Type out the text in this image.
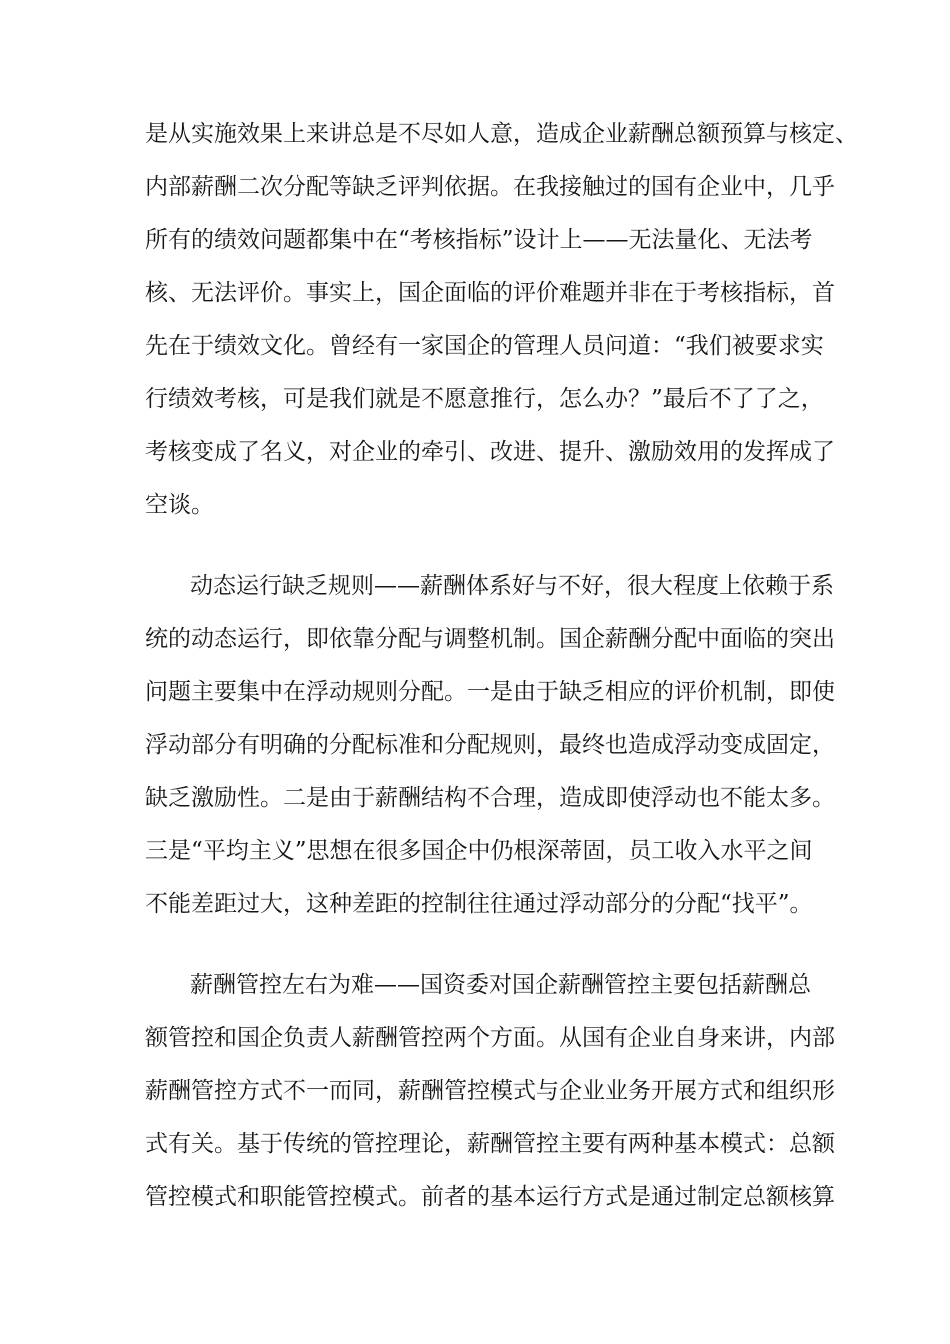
是从实施效果上来讲总是不尽如人意，造成企业薪酬总额预算与核定、
内部薪酬二次分配等缺乏评判依据。在我接触过的国有企业中，几乎
所有的绩效问题都集中在“考核指标”设计上——无法量化、无法考
核、无法评价。事实上，国企面临的评价难题并非在于考核指标，首
先在于绩效文化。曾经有一家国企的管理人员问道：“我们被要求实
行绩效考核，可是我们就是不愿意推行，怎么办？”最后不了了之，
考核变成了名义，对企业的牵引、改进、提升、激励效用的发挥成了
空谈。
动态运行缺乏规则——薪酬体系好与不好，很大程度上依赖于系
统的动态运行，即依靠分配与调整机制。国企薪酬分配中面临的突出
问题主要集中在浮动规则分配。一是由于缺乏相应的评价机制，即使
浮动部分有明确的分配标准和分配规则，最终也造成浮动变成固定，
缺乏激励性。二是由于薪酬结构不合理，造成即使浮动也不能太多。
三是“平均主义”思想在很多国企中仍根深蒂固，员工收入水平之间
不能差距过大，这种差距的控制往往通过浮动部分的分配“找平”。
薪酬管控左右为难——国资委对国企薪酬管控主要包括薪酬总
额管控和国企负责人薪酬管控两个方面。从国有企业自身来讲，内部
薪酬管控方式不一而同，薪酬管控模式与企业业务开展方式和组织形
式有关。基于传统的管控理论，薪酬管控主要有两种基本模式：总额
管控模式和职能管控模式。前者的基本运行方式是通过制定总额核算
